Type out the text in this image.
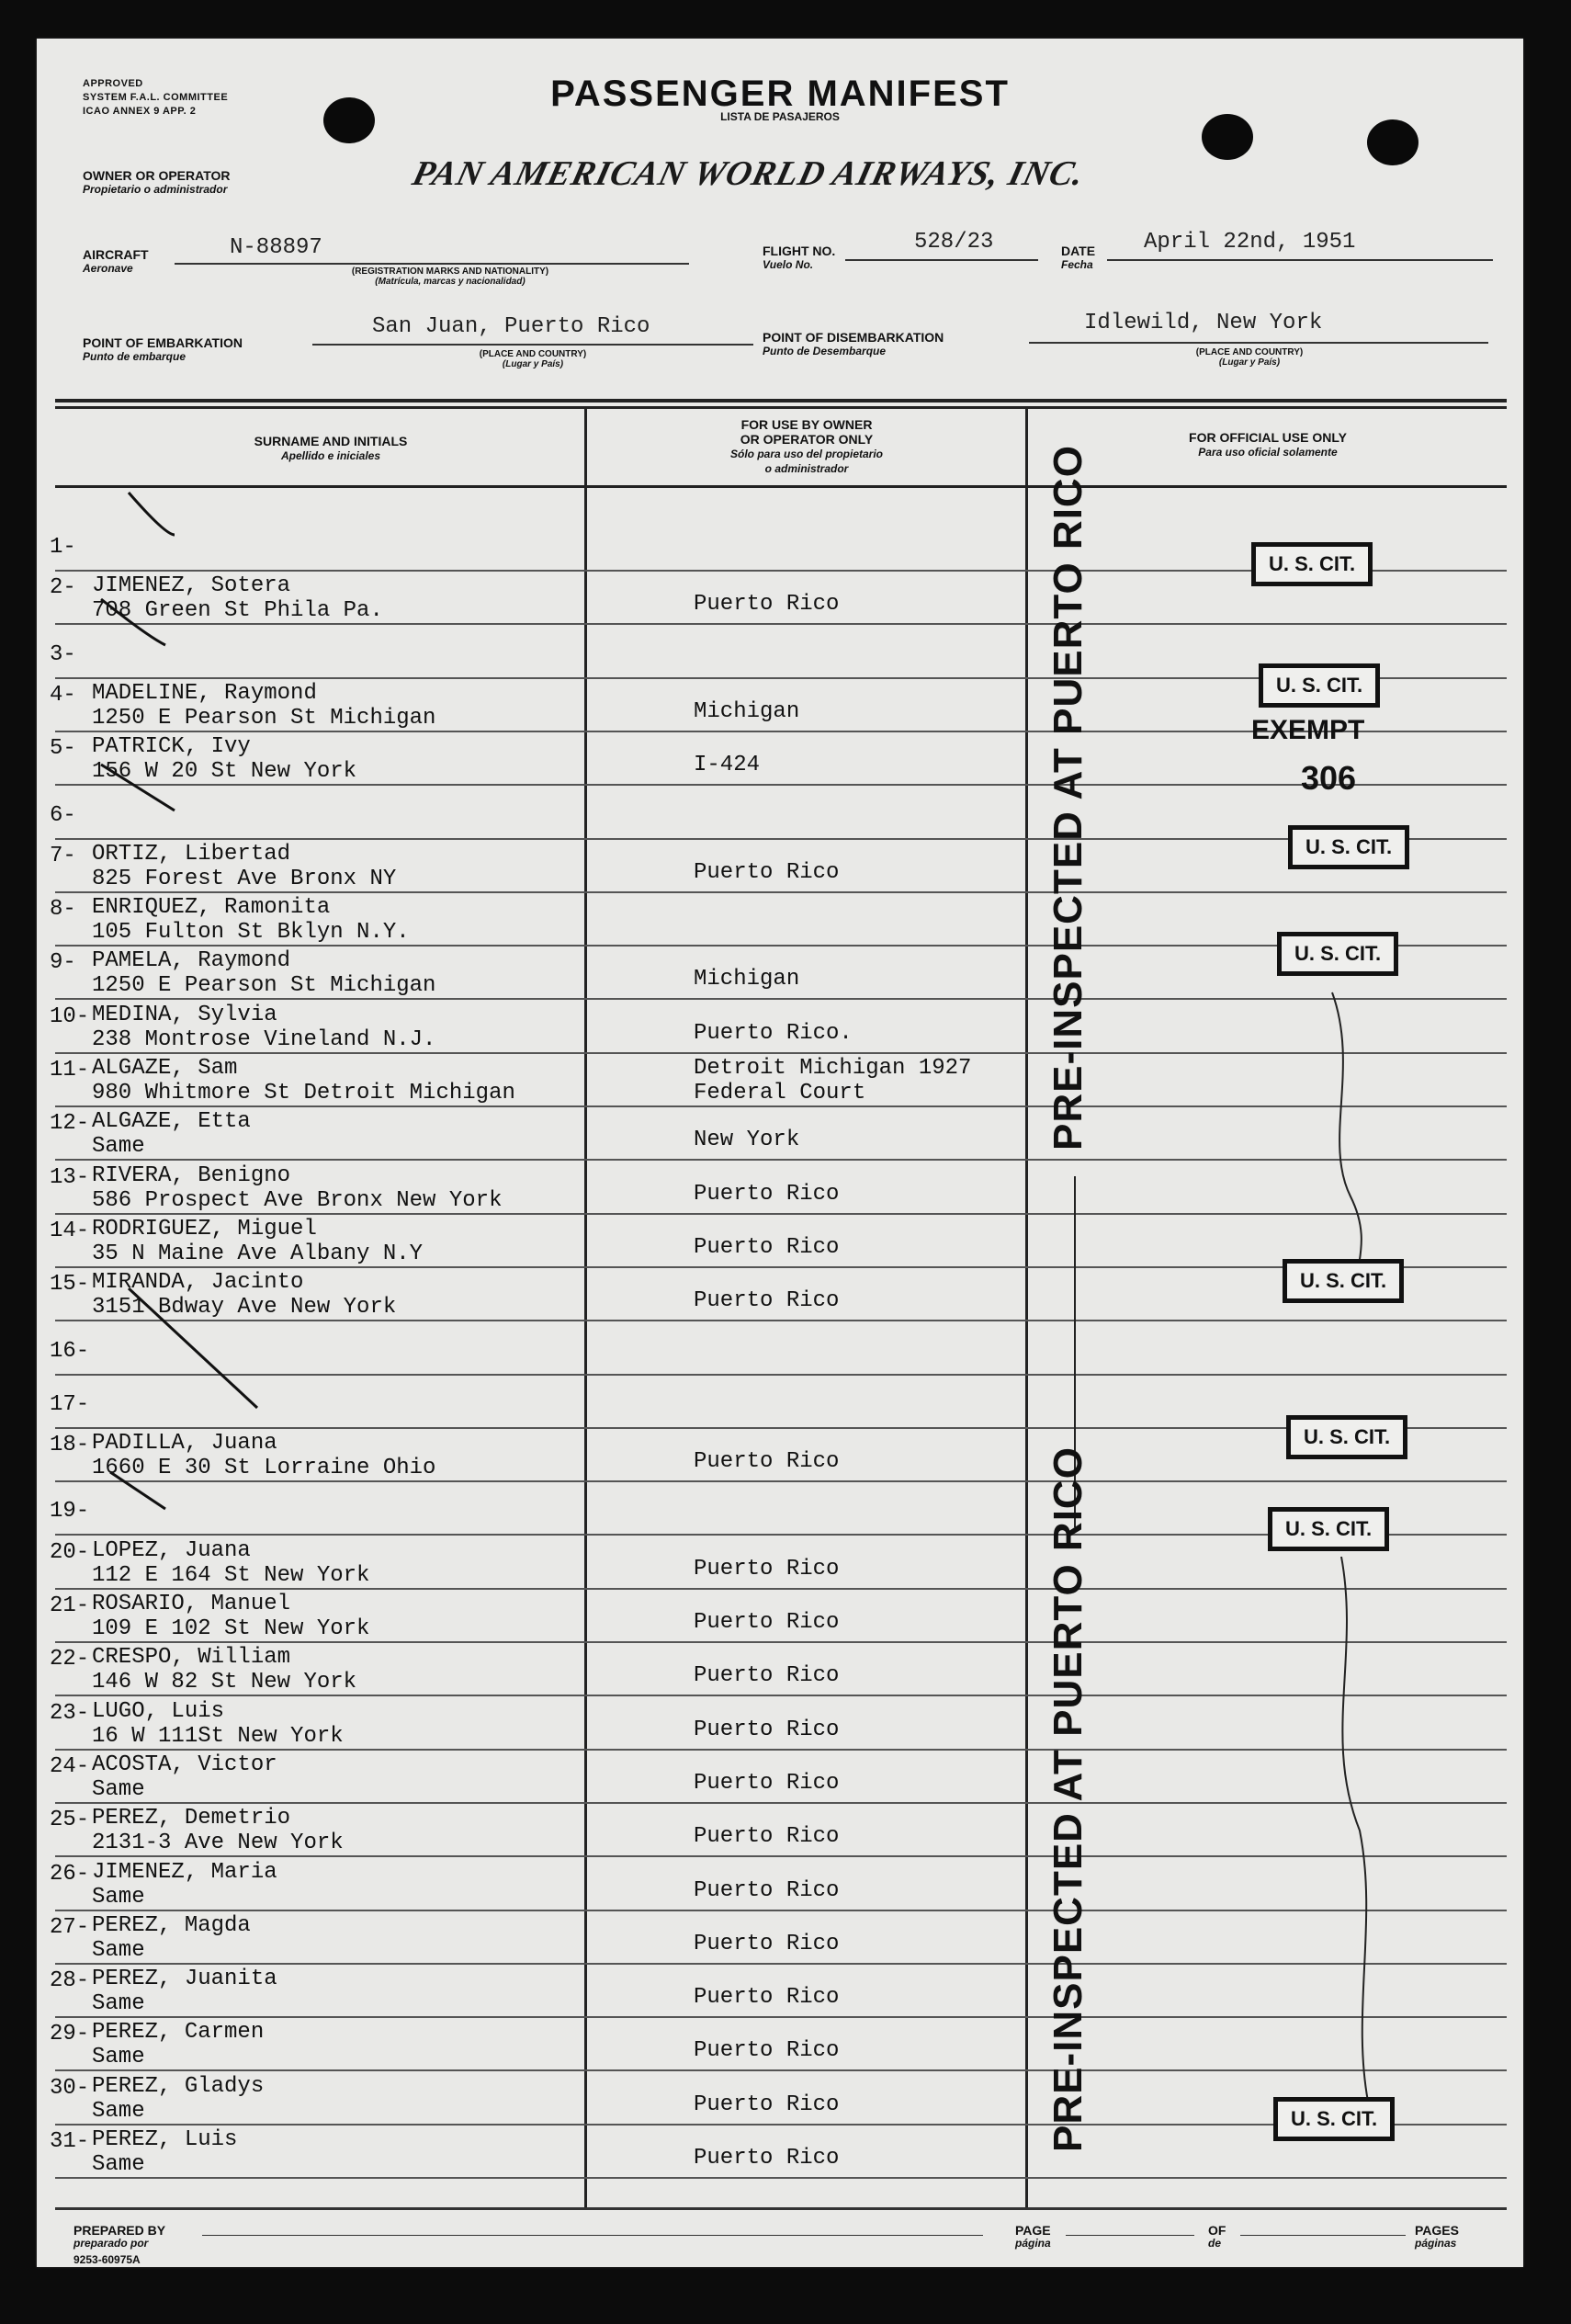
APPROVED
SYSTEM F.A.L. COMMITTEE
ICAO ANNEX 9 APP. 2	PASSENGER MANIFEST
LISTA DE PASAJEROS
OWNER OR OPERATOR
Propietario o administrador	PAN AMERICAN WORLD AIRWAYS, INC.
AIRCRAFT
Aeronave
N-88897
(REGISTRATION MARKS AND NATIONALITY)
(Matrícula, marcas y nacionalidad)
FLIGHT NO.
Vuelo No.
528/23	DATE
Fecha
April 22nd, 1951
POINT OF EMBARKATION
Punto de embarque
San Juan, Puerto Rico
(PLACE AND COUNTRY)
(Lugar y País)
POINT OF DISEMBARKATION
Punto de Desembarque
Idlewild, New York
(PLACE AND COUNTRY)
(Lugar y País)
SURNAME AND INITIALS
Apellido e iniciales
FOR USE BY OWNER
OR OPERATOR ONLY
Sólo para uso del propietario
o administrador
FOR OFFICIAL USE ONLY
Para uso oficial solamente
1-
2- JIMENEZ, Sotera
708 Green St Phila Pa.	Puerto Rico
3-
4- MADELINE, Raymond
1250 E Pearson St Michigan	Michigan
5- PATRICK, Ivy
156 W 20 St New York	I-424
6-
7- ORTIZ, Libertad
825 Forest Ave Bronx NY	Puerto Rico
8- ENRIQUEZ, Ramonita
105 Fulton St Bklyn N.Y.
9- PAMELA, Raymond
1250 E Pearson St Michigan	Michigan
10- MEDINA, Sylvia
238 Montrose Vineland N.J.	Puerto Rico.
11- ALGAZE, Sam
980 Whitmore St Detroit Michigan
Detroit Michigan 1927
Federal Court
12- ALGAZE, Etta
Same	New York
13- RIVERA, Benigno
586 Prospect Ave Bronx New York	Puerto Rico
14- RODRIGUEZ, Miguel
35 N Maine Ave Albany N.Y	Puerto Rico
15- MIRANDA, Jacinto
3151 Bdway Ave New York	Puerto Rico
16-
17-
18- PADILLA, Juana
1660 E 30 St Lorraine Ohio	Puerto Rico
19-
20- LOPEZ, Juana
112 E 164 St New York	Puerto Rico
21- ROSARIO, Manuel
109 E 102 St New York	Puerto Rico
22- CRESPO, William
146 W 82 St New York	Puerto Rico
23- LUGO, Luis
16 W 111St New York	Puerto Rico
24- ACOSTA, Victor
Same	Puerto Rico
25- PEREZ, Demetrio
2131-3 Ave New York	Puerto Rico
26- JIMENEZ, Maria
Same	Puerto Rico
27- PEREZ, Magda
Same	Puerto Rico
28- PEREZ, Juanita
Same	Puerto Rico
29- PEREZ, Carmen
Same	Puerto Rico
30- PEREZ, Gladys
Same	Puerto Rico
31- PEREZ, Luis
Same	Puerto Rico
U. S. CIT.
U. S. CIT.
EXEMPT
306
U. S. CIT.
U. S. CIT.
U. S. CIT.
U. S. CIT.
U. S. CIT.
U. S. CIT.
PRE-INSPECTED AT PUERTO RICO
PRE-INSPECTED AT PUERTO RICO
PREPARED BY
preparado por
9253-60975A
PAGE
página
OF
de
PAGES
páginas
